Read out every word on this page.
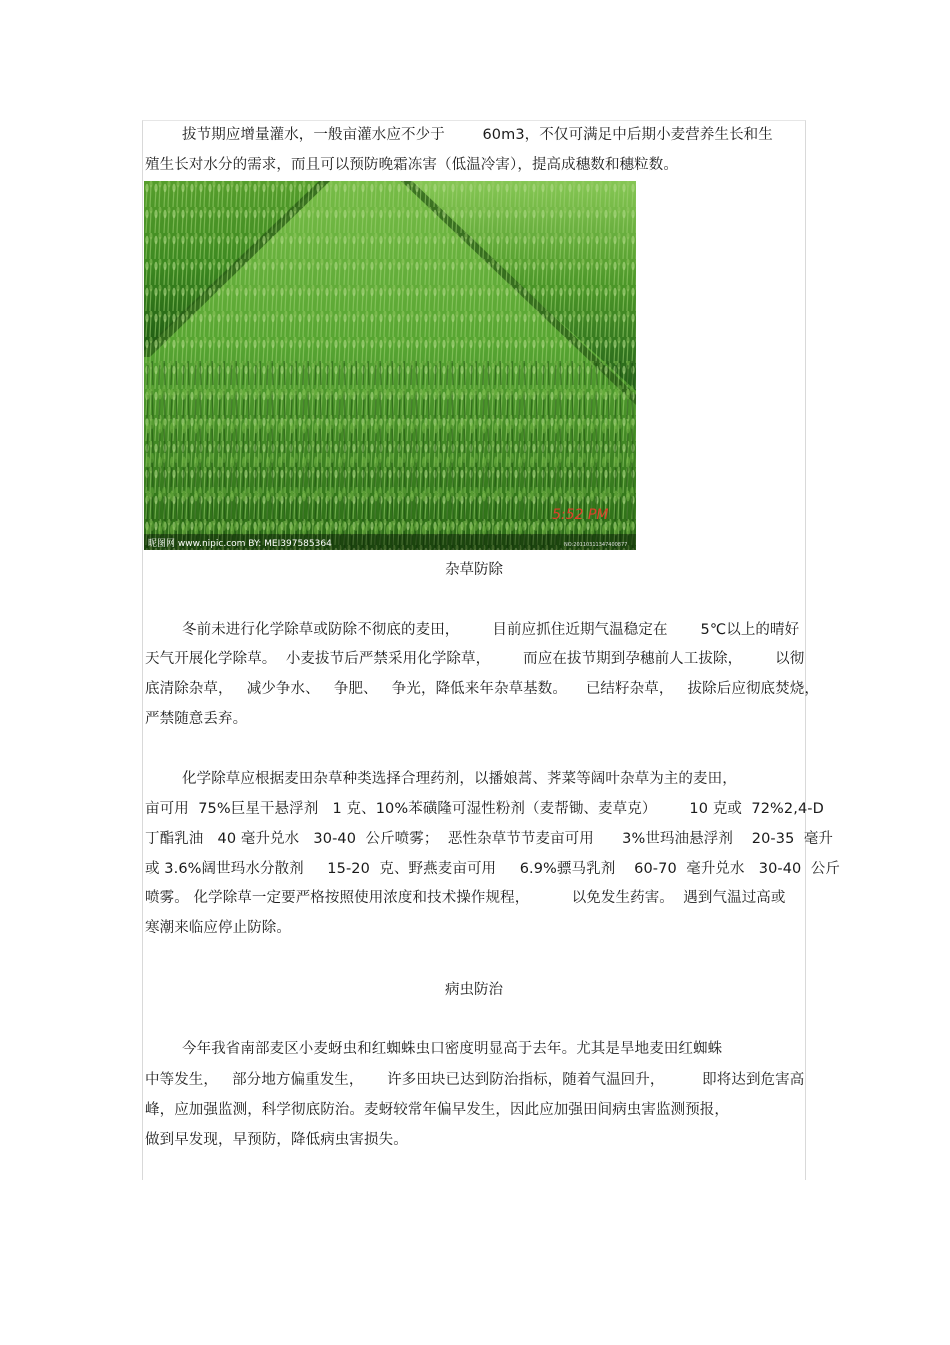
拔节期应增量灌水，一般亩灌水应不少于        60m3，不仅可满足中后期小麦营养生长和生
殖生长对水分的需求，而且可以预防晚霜冻害（低温冷害），提高成穗数和穗粒数。
昵图网 www.nipic.com BY: MEI397585364	NO:20110311347400877
5:52 PM
杂草防除
冬前未进行化学除草或防除不彻底的麦田，       目前应抓住近期气温稳定在       5℃以上的晴好
天气开展化学除草。  小麦拔节后严禁采用化学除草，       而应在拔节期到孕穗前人工拔除，       以彻
底清除杂草，   减少争水、   争肥、   争光，降低来年杂草基数。    已结籽杂草，   拔除后应彻底焚烧，
严禁随意丢弃。
化学除草应根据麦田杂草种类选择合理药剂，以播娘蒿、荠菜等阔叶杂草为主的麦田，
亩可用  75%巨星干悬浮剂   1 克、10%苯磺隆可湿性粉剂（麦帮锄、麦草克）       10 克或  72%2,4-D
丁酯乳油   40 毫升兑水   30-40  公斤喷雾；  恶性杂草节节麦亩可用      3%世玛油悬浮剂    20-35  毫升
或 3.6%阔世玛水分散剂     15-20  克、野燕麦亩可用     6.9%骠马乳剂    60-70  毫升兑水   30-40  公斤
喷雾。 化学除草一定要严格按照使用浓度和技术操作规程，         以免发生药害。  遇到气温过高或
寒潮来临应停止防除。
病虫防治
今年我省南部麦区小麦蚜虫和红蜘蛛虫口密度明显高于去年。尤其是旱地麦田红蜘蛛
中等发生，   部分地方偏重发生，     许多田块已达到防治指标，随着气温回升，        即将达到危害高
峰，应加强监测，科学彻底防治。麦蚜较常年偏早发生，因此应加强田间病虫害监测预报，
做到早发现，早预防，降低病虫害损失。
